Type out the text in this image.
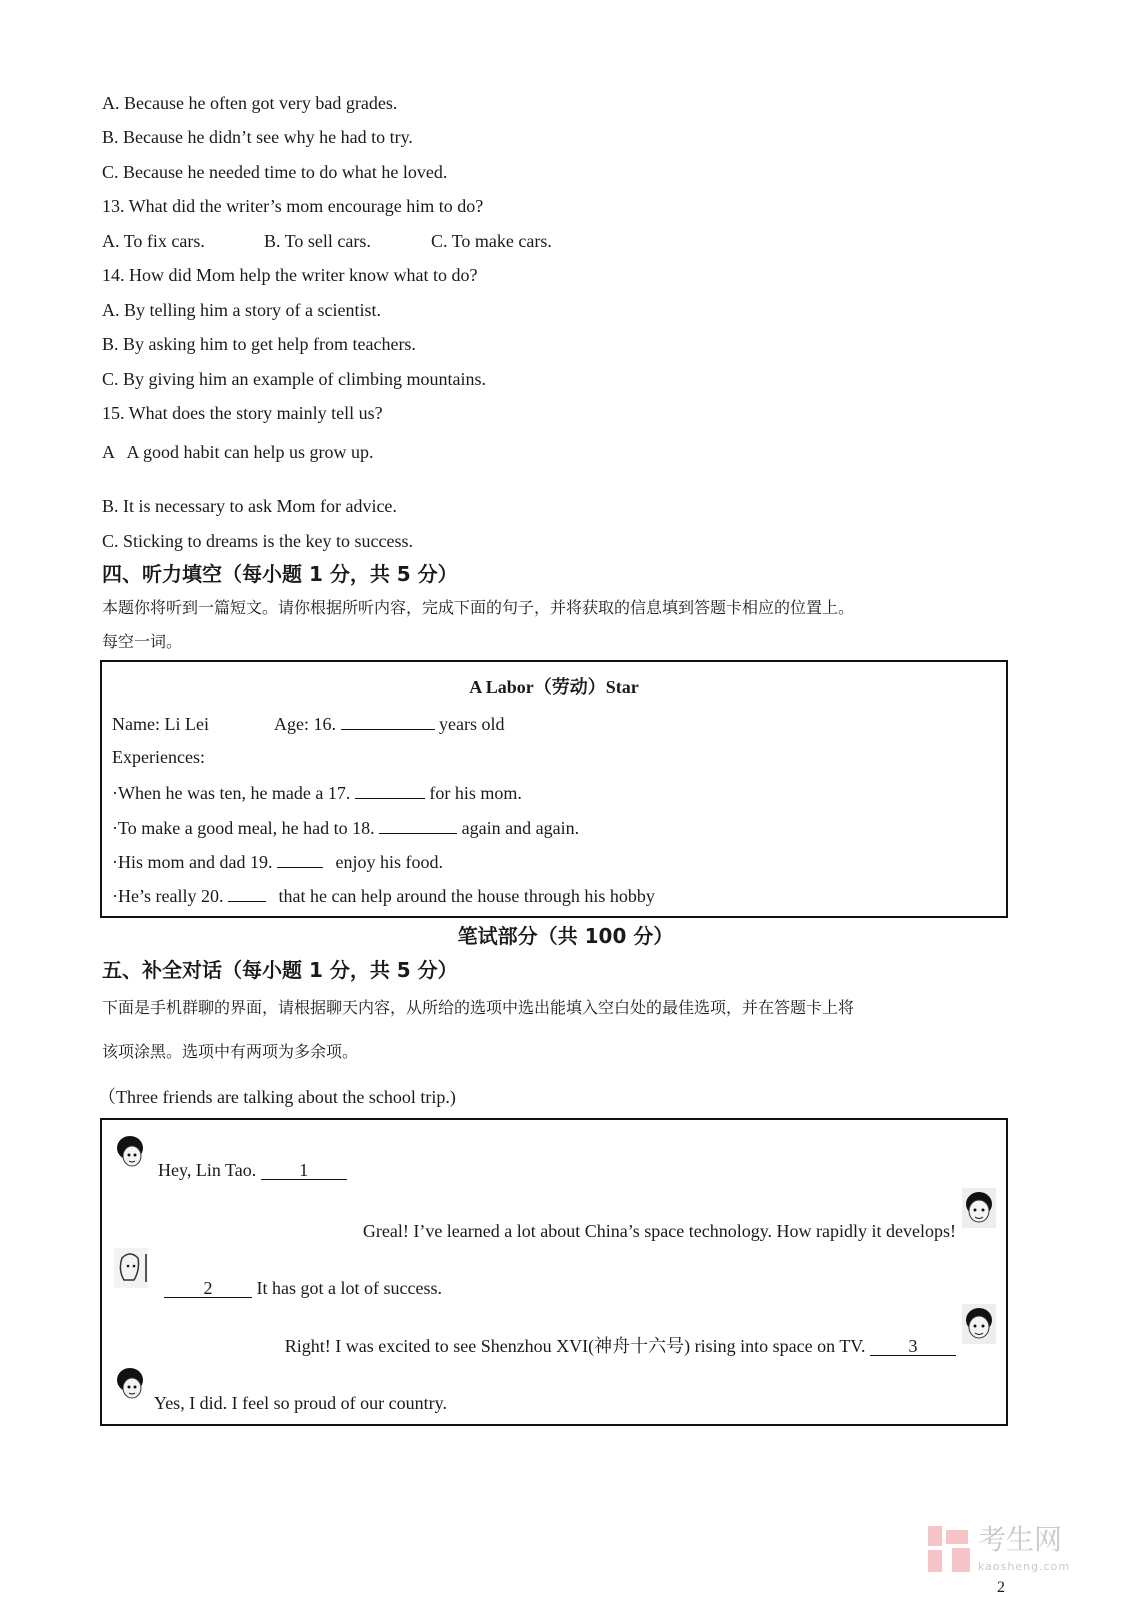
A. Because he often got very bad grades.
B. Because he didn’t see why he had to try.
C. Because he needed time to do what he loved.
13. What did the writer’s mom encourage him to do?
A. To fix cars.	B. To sell cars.	C. To make cars.
14. How did Mom help the writer know what to do?
A. By telling him a story of a scientist.
B. By asking him to get help from teachers.
C. By giving him an example of climbing mountains.
15. What does the story mainly tell us?
A   A good habit can help us grow up.
B. It is necessary to ask Mom for advice.
C. Sticking to dreams is the key to success.
四、听力填空（每小题 1 分，共 5 分）
本题你将听到一篇短文。请你根据所听内容，完成下面的句子，并将获取的信息填到答题卡相应的位置上。
每空一词。
A Labor（劳动）Star
Name: Li Lei	Age: 16.	years old
Experiences:
·When he was ten, he made a 17.	for his mom.
·To make a good meal, he had to 18.	again and again.
·His mom and dad 19.	enjoy his food.
·He’s really 20.	that he can help around the house through his hobby
笔试部分（共 100 分）
五、补全对话（每小题 1 分，共 5 分）
下面是手机群聊的界面，请根据聊天内容，从所给的选项中选出能填入空白处的最佳选项，并在答题卡上将
该项涂黑。选项中有两项为多余项。
（Three friends are talking about the school trip.)
Hey, Lin Tao. 1
Greal! I’ve learned a lot about China’s space technology. How rapidly it develops!
2 It has got a lot of success.
Right! I was excited to see Shenzhou XVI(神舟十六号) rising into space on TV. 3
Yes, I did. I feel so proud of our country.
考生网
kaosheng.com
2
